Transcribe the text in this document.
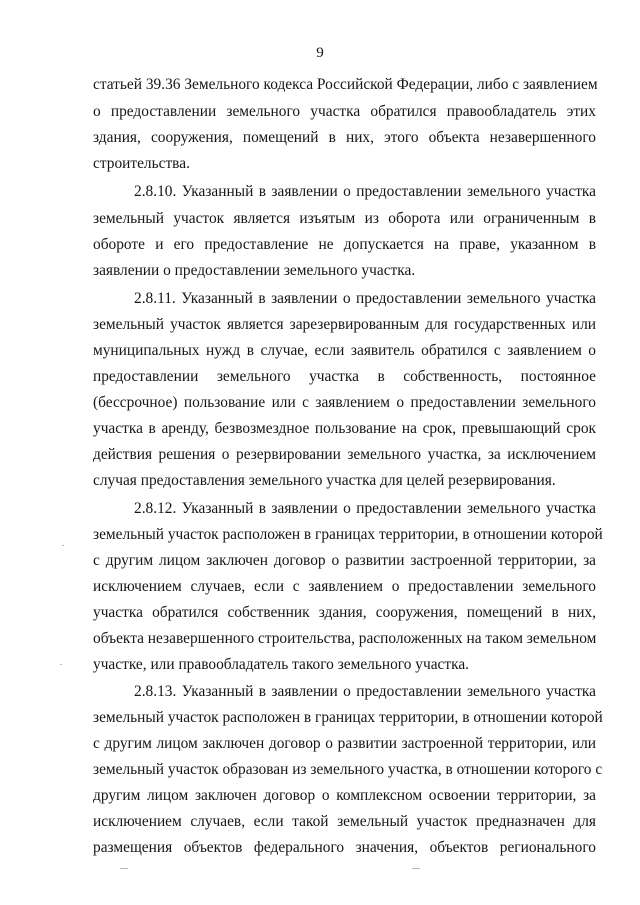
9
статьей 39.36 Земельного кодекса Российской Федерации, либо с заявлением
о предоставлении земельного участка обратился правообладатель этих
здания, сооружения, помещений в них, этого объекта незавершенного
строительства.
2.8.10. Указанный в заявлении о предоставлении земельного участка
земельный участок является изъятым из оборота или ограниченным в
обороте и его предоставление не допускается на праве, указанном в
заявлении о предоставлении земельного участка.
2.8.11. Указанный в заявлении о предоставлении земельного участка
земельный участок является зарезервированным для государственных или
муниципальных нужд в случае, если заявитель обратился с заявлением о
предоставлении земельного участка в собственность, постоянное
(бессрочное) пользование или с заявлением о предоставлении земельного
участка в аренду, безвозмездное пользование на срок, превышающий срок
действия решения о резервировании земельного участка, за исключением
случая предоставления земельного участка для целей резервирования.
2.8.12. Указанный в заявлении о предоставлении земельного участка
земельный участок расположен в границах территории, в отношении которой
с другим лицом заключен договор о развитии застроенной территории, за
исключением случаев, если с заявлением о предоставлении земельного
участка обратился собственник здания, сооружения, помещений в них,
объекта незавершенного строительства, расположенных на таком земельном
участке, или правообладатель такого земельного участка.
2.8.13. Указанный в заявлении о предоставлении земельного участка
земельный участок расположен в границах территории, в отношении которой
с другим лицом заключен договор о развитии застроенной территории, или
земельный участок образован из земельного участка, в отношении которого с
другим лицом заключен договор о комплексном освоении территории, за
исключением случаев, если такой земельный участок предназначен для
размещения объектов федерального значения, объектов регионального
